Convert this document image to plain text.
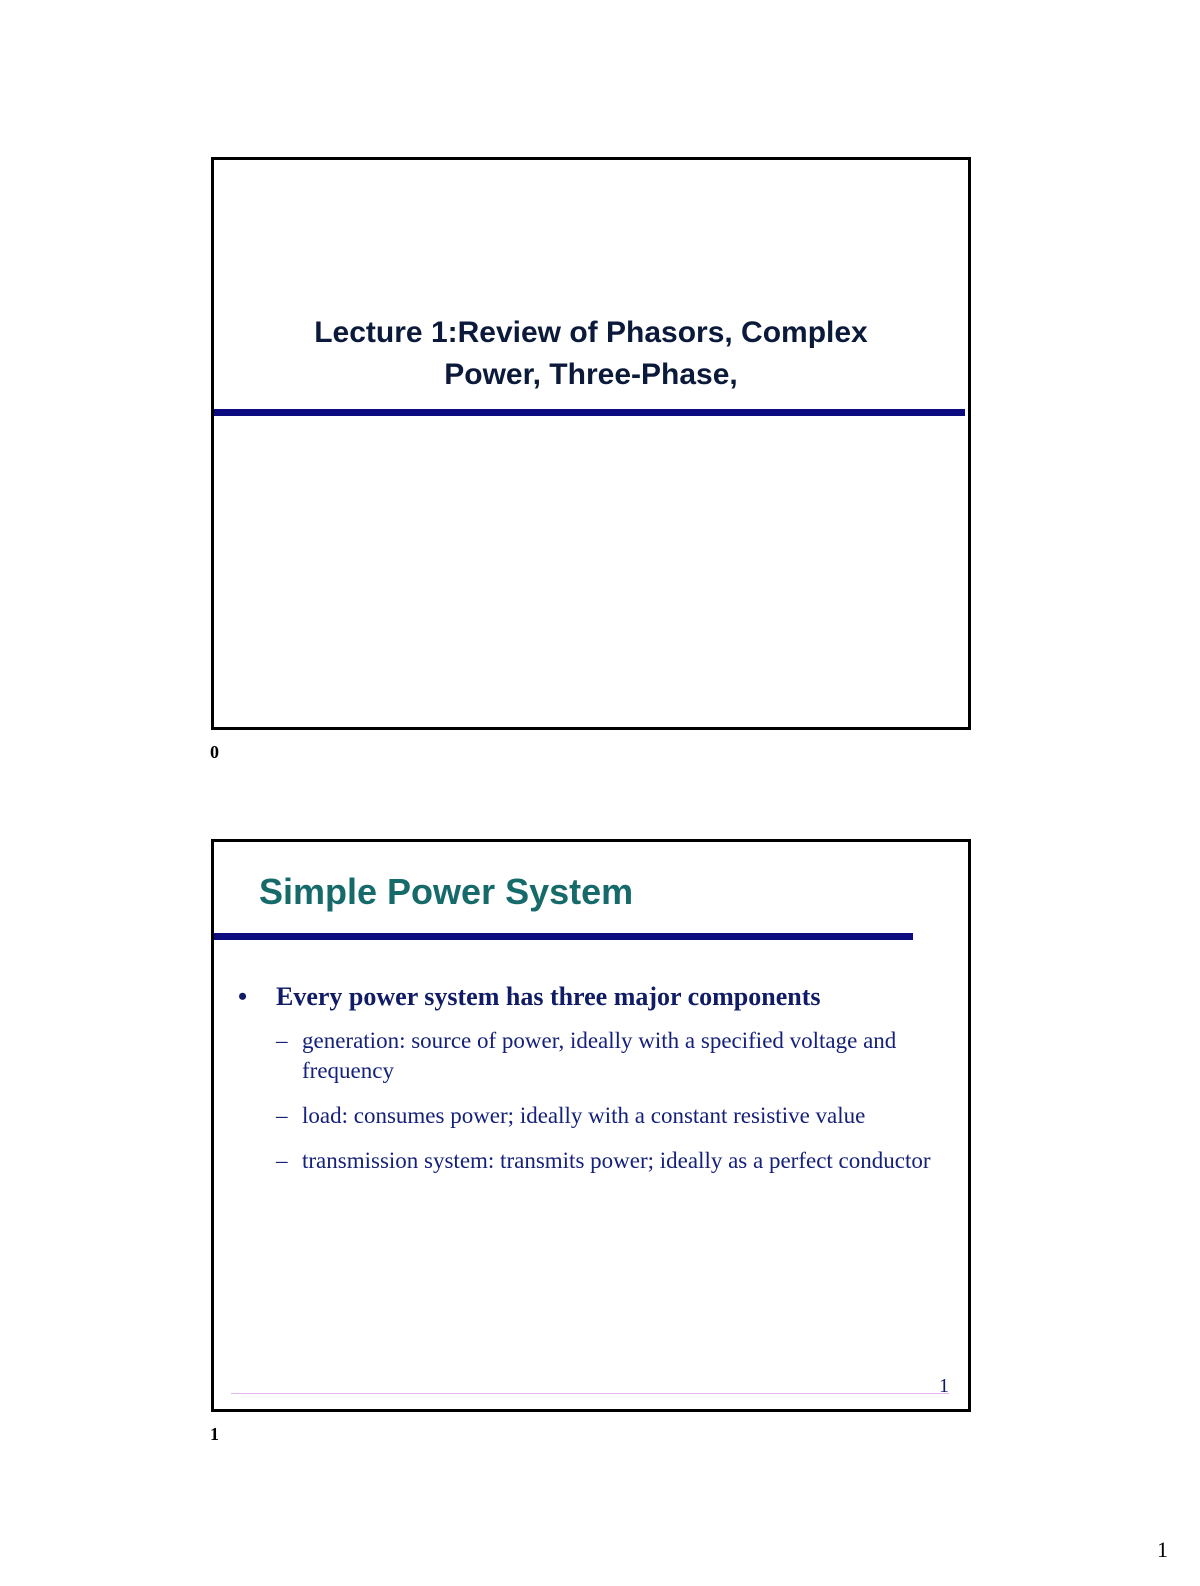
Lecture 1:Review of Phasors, Complex
Power, Three-Phase,
0
Simple Power System
• Every power system has three major components
– generation: source of power, ideally with a specified voltage and frequency
– load: consumes power; ideally with a constant resistive value
– transmission system: transmits power; ideally as a perfect conductor
1
1
1
